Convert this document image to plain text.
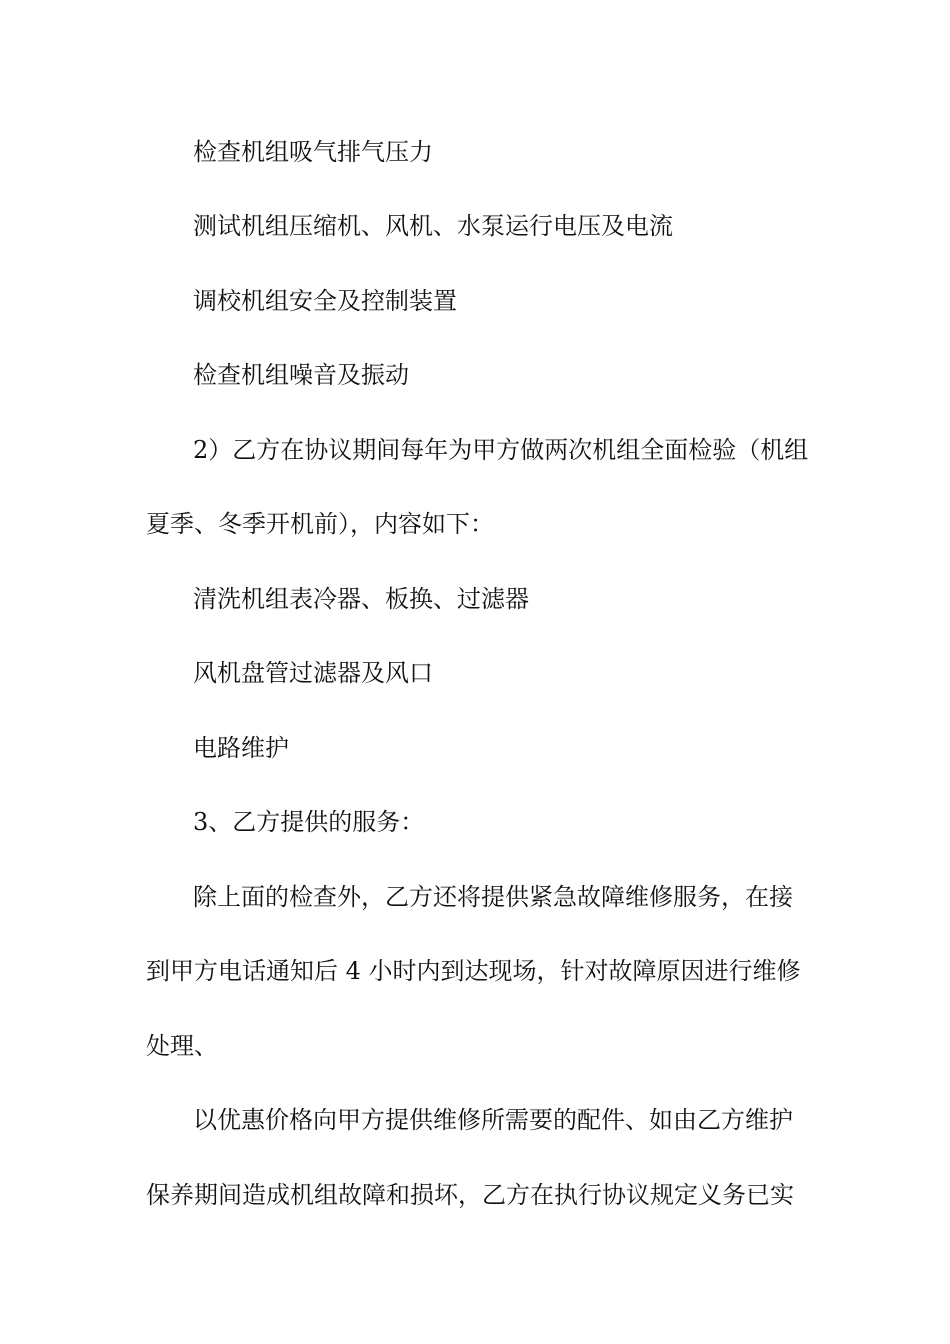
检查机组吸气排气压力

测试机组压缩机、风机、水泵运行电压及电流

调校机组安全及控制装置

检查机组噪音及振动

2）乙方在协议期间每年为甲方做两次机组全面检验（机组

夏季、冬季开机前），内容如下：

清洗机组表冷器、板换、过滤器

风机盘管过滤器及风口

电路维护

3、乙方提供的服务：

除上面的检查外，乙方还将提供紧急故障维修服务，在接

到甲方电话通知后 4 小时内到达现场，针对故障原因进行维修

处理、

以优惠价格向甲方提供维修所需要的配件、如由乙方维护

保养期间造成机组故障和损坏，乙方在执行协议规定义务已实
